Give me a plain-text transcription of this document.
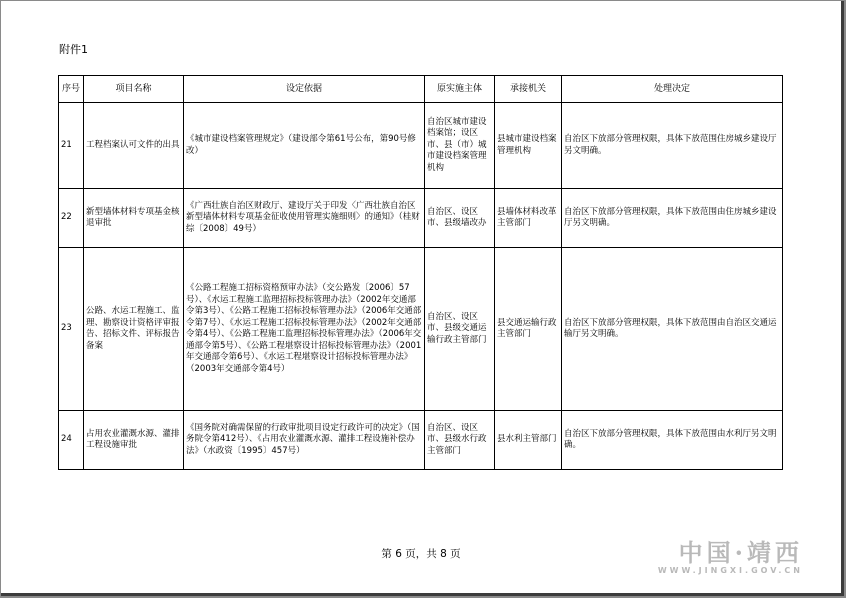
附件1
序号	项目名称	设定依据	原实施主体	承接机关	处理决定
21	工程档案认可文件的出具	《城市建设档案管理规定》（建设部令第61号公布，第90号修改）	自治区城市建设档案馆；设区市、县（市）城市建设档案管理机构	县城市建设档案管理机构	自治区下放部分管理权限，具体下放范围住房城乡建设厅另文明确。
22	新型墙体材料专项基金核退审批	《广西壮族自治区财政厅、建设厅关于印发〈广西壮族自治区新型墙体材料专项基金征收使用管理实施细则〉的通知》（桂财综〔2008〕49号）	自治区、设区市、县级墙改办	县墙体材料改革主管部门	自治区下放部分管理权限，具体下放范围由住房城乡建设厅另文明确。
23	公路、水运工程施工、监理、勘察设计资格评审报告、招标文件、评标报告备案	《公路工程施工招标资格预审办法》（交公路发〔2006〕57号）、《水运工程施工监理招标投标管理办法》（2002年交通部令第3号）、《公路工程施工招标投标管理办法》（2006年交通部令第7号）、《水运工程施工招标投标管理办法》（2002年交通部令第4号）、《公路工程施工监理招标投标管理办法》（2006年交通部令第5号）、《公路工程堪察设计招标投标管理办法》（2001年交通部令第6号）、《水运工程堪察设计招标投标管理办法》（2003年交通部令第4号）	自治区、设区市、县级交通运输行政主管部门	县交通运输行政主管部门	自治区下放部分管理权限，具体下放范围由自治区交通运输厅另文明确。
24	占用农业灌溉水源、灌排工程设施审批	《国务院对确需保留的行政审批项目设定行政许可的决定》（国务院令第412号）、《占用农业灌溉水源、灌排工程设施补偿办法》（水政资〔1995〕457号）	自治区、设区市、县级水行政主管部门	县水利主管部门	自治区下放部分管理权限，具体下放范围由水利厅另文明确。
第 6 页，共 8 页	中国·靖西
WWW.JINGXI.GOV.CN
